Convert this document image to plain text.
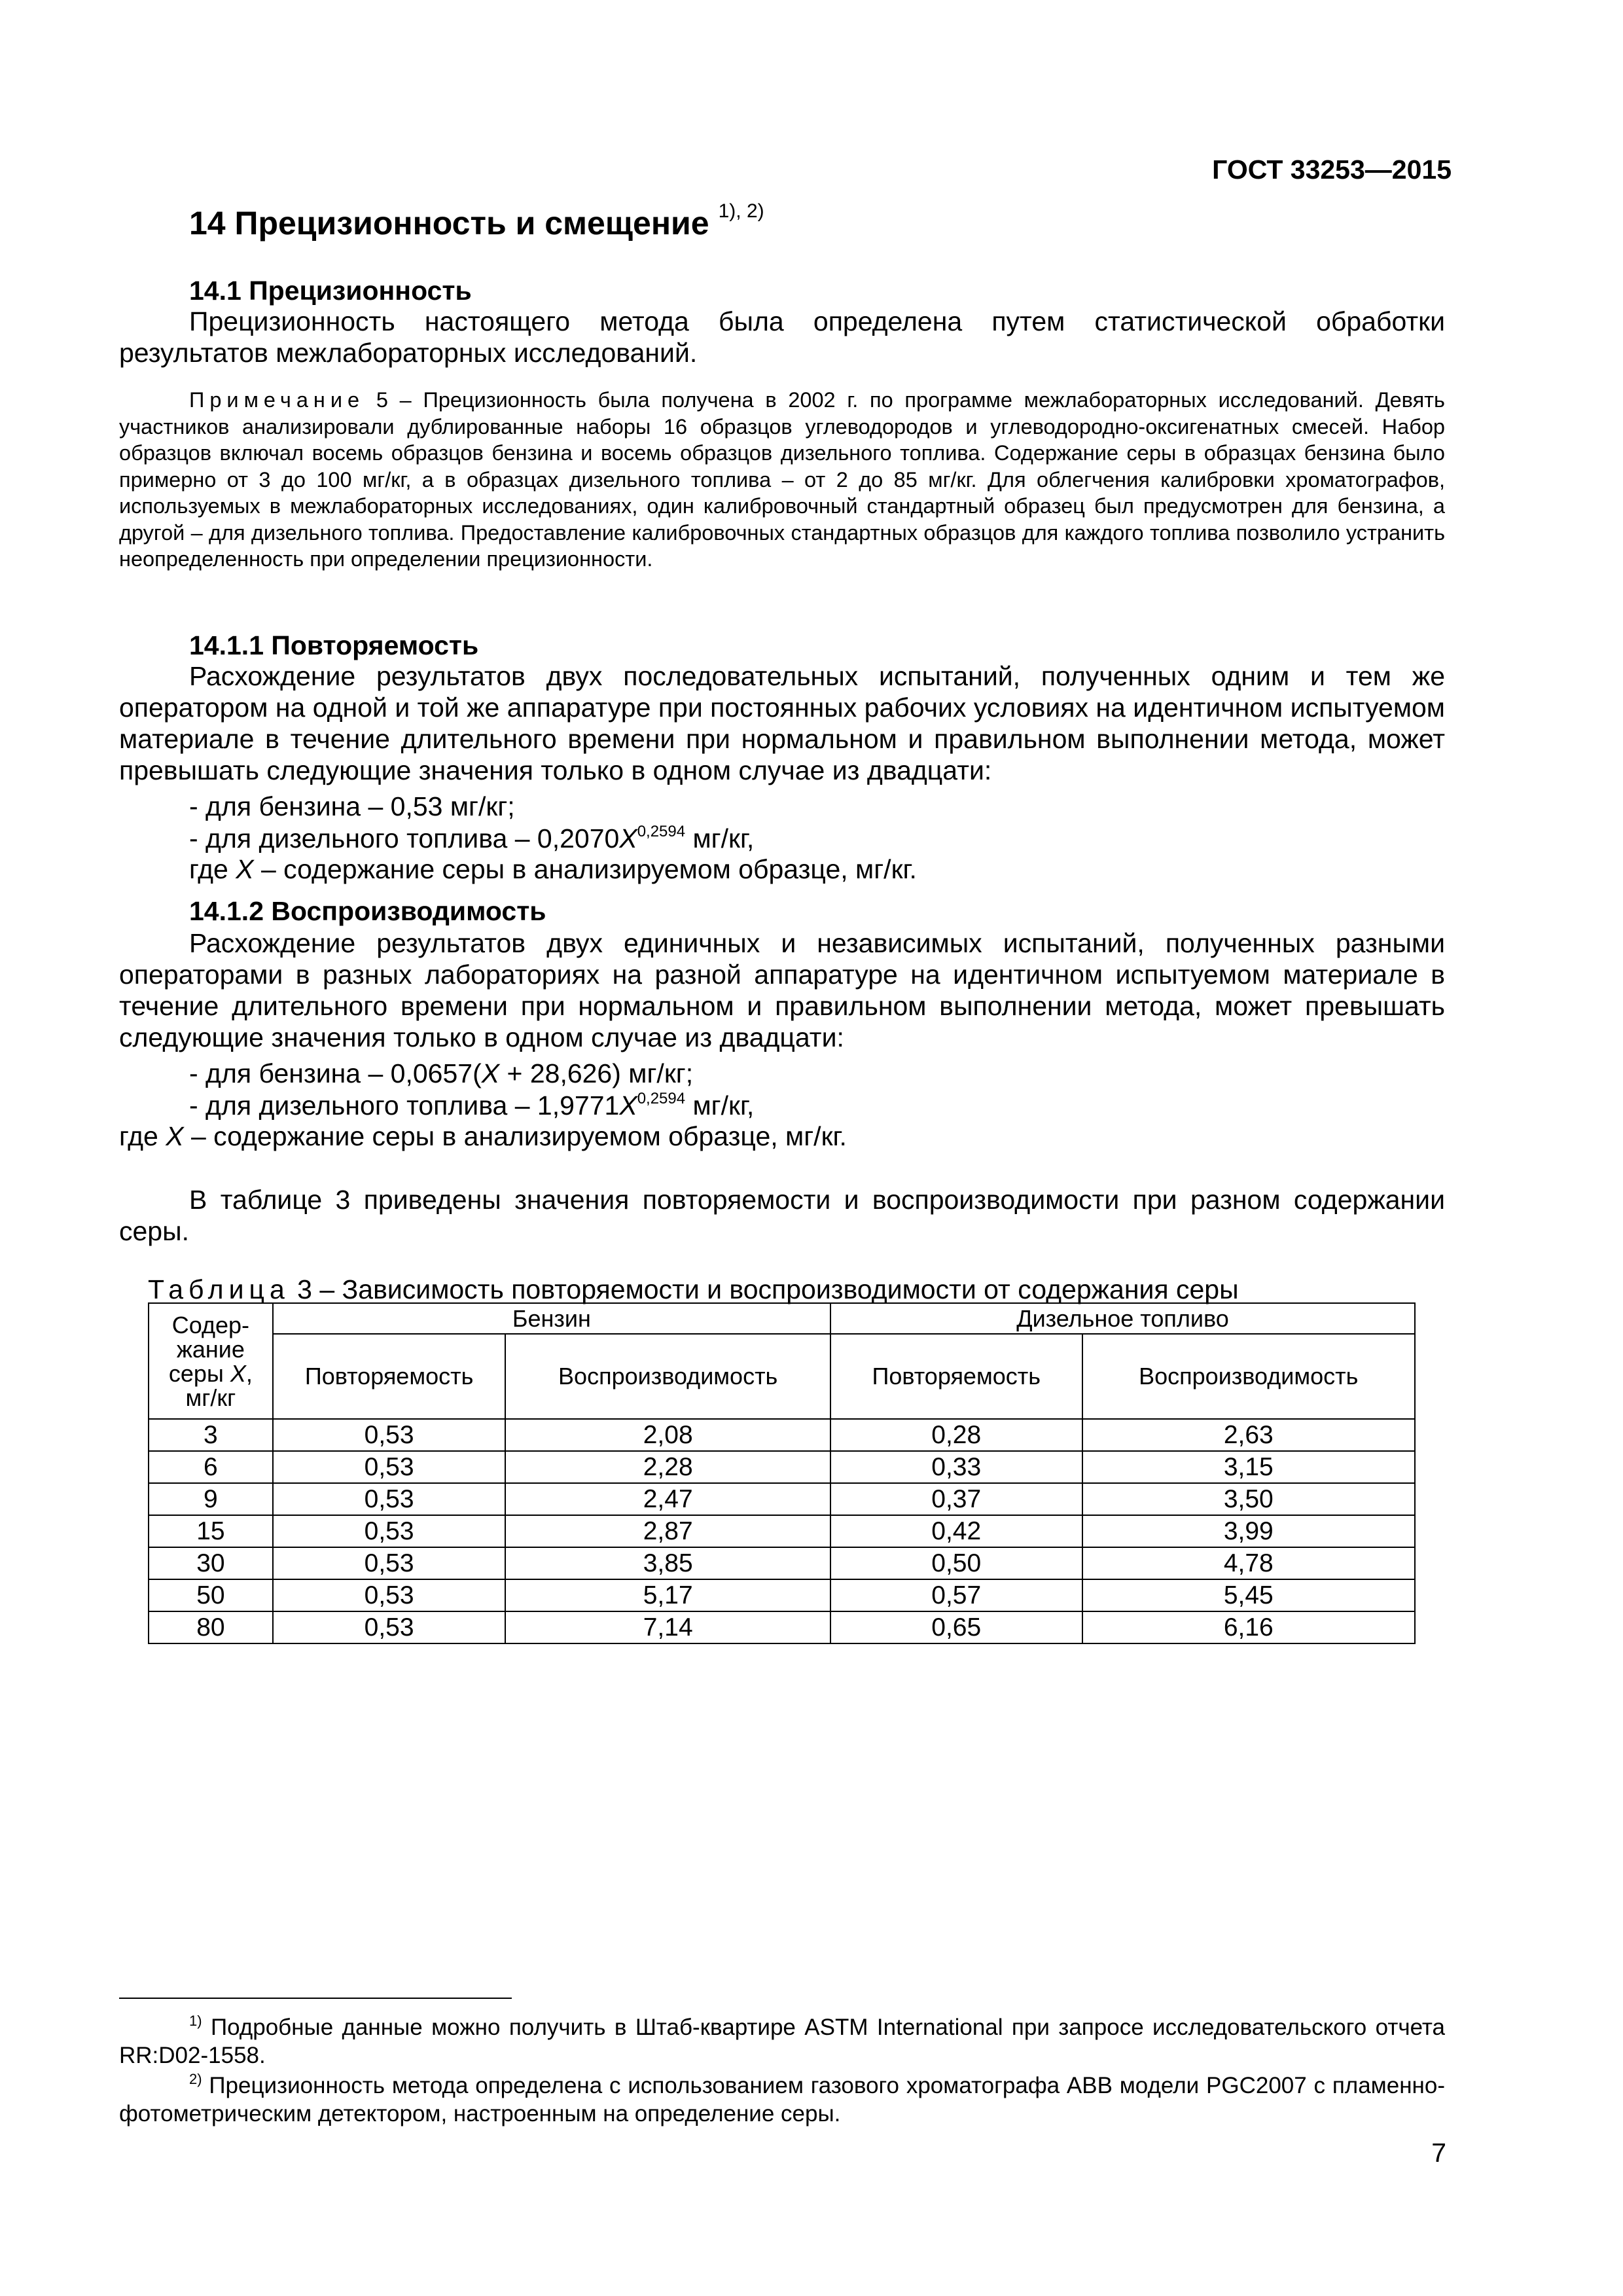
ГОСТ 33253—2015
14 Прецизионность и смещение $^{1), 2)}$
14.1 Прецизионность
Прецизионность настоящего метода была определена путем статистической обработки результатов межлабораторных исследований.
Примечание 5 – Прецизионность была получена в 2002 г. по программе межлабораторных исследований. Девять участников анализировали дублированные наборы 16 образцов углеводородов и углеводородно-оксигенатных смесей. Набор образцов включал восемь образцов бензина и восемь образцов дизельного топлива. Содержание серы в образцах бензина было примерно от 3 до 100 мг/кг, а в образцах дизельного топлива – от 2 до 85 мг/кг. Для облегчения калибровки хроматографов, используемых в межлабораторных исследованиях, один калибровочный стандартный образец был предусмотрен для бензина, а другой – для дизельного топлива. Предоставление калибровочных стандартных образцов для каждого топлива позволило устранить неопределенность при определении прецизионности.
14.1.1 Повторяемость
Расхождение результатов двух последовательных испытаний, полученных одним и тем же оператором на одной и той же аппаратуре при постоянных рабочих условиях на идентичном испытуемом материале в течение длительного времени при нормальном и правильном выполнении метода, может превышать следующие значения только в одном случае из двадцати:
- для бензина – 0,53 мг/кг;
- для дизельного топлива – $0,2070X^{0,2594}$ мг/кг,
где X – содержание серы в анализируемом образце, мг/кг.
14.1.2 Воспроизводимость
Расхождение результатов двух единичных и независимых испытаний, полученных разными операторами в разных лабораториях на разной аппаратуре на идентичном испытуемом материале в течение длительного времени при нормальном и правильном выполнении метода, может превышать следующие значения только в одном случае из двадцати:
- для бензина – 0,0657(X + 28,626) мг/кг;
- для дизельного топлива – $1,9771X^{0,2594}$ мг/кг,
где X – содержание серы в анализируемом образце, мг/кг.
В таблице 3 приведены значения повторяемости и воспроизводимости при разном содержании серы.
Таблица 3 – Зависимость повторяемости и воспроизводимости от содержания серы
Содер-
жание
серы X,
мг/кг	Бензин		Дизельное топливо	
	Повторяемость	Воспроизводимость	Повторяемость	Воспроизводимость
3	0,53	2,08	0,28	2,63
6	0,53	2,28	0,33	3,15
9	0,53	2,47	0,37	3,50
15	0,53	2,87	0,42	3,99
30	0,53	3,85	0,50	4,78
50	0,53	5,17	0,57	5,45
80	0,53	7,14	0,65	6,16
$^{1)}$ Подробные данные можно получить в Штаб-квартире ASTM International при запросе исследовательского отчета RR:D02-1558.
$^{2)}$ Прецизионность метода определена с использованием газового хроматографа ABB модели PGC2007 с пламенно-фотометрическим детектором, настроенным на определение серы.
7
